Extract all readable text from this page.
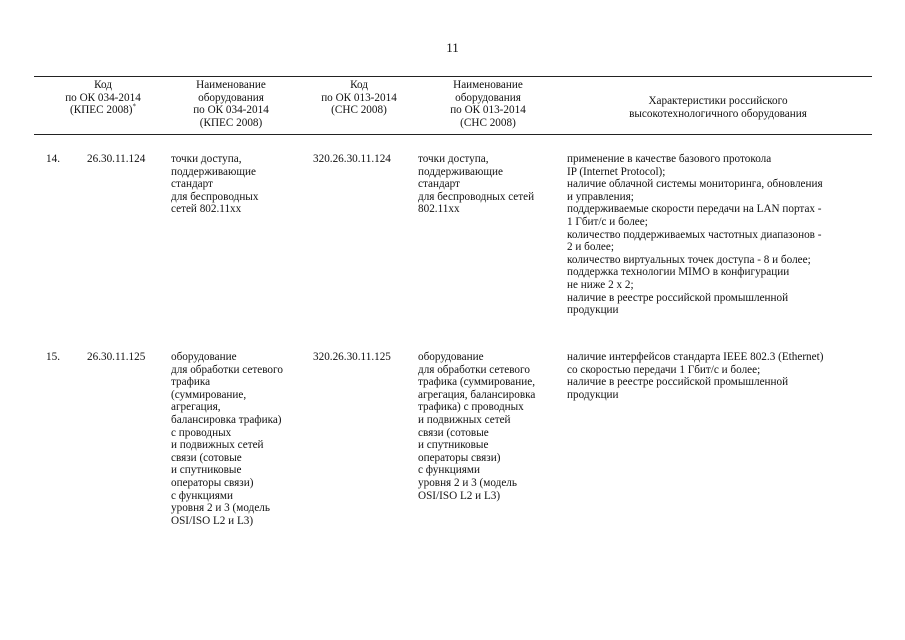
11
Код
по ОК 034-2014
(КПЕС 2008)*
Наименование
оборудования
по ОК 034-2014
(КПЕС 2008)
Код
по ОК 013-2014
(СНС 2008)
Наименование
оборудования
по ОК 013-2014
(СНС 2008)
Характеристики российского
высокотехнологичного оборудования
14. 26.30.11.124 точки доступа,
поддерживающие
стандарт
для беспроводных
сетей 802.11хх
320.26.30.11.124 точки доступа,
поддерживающие
стандарт
для беспроводных сетей
802.11хх
применение в качестве базового протокола
IP (Internet Protocol);
наличие облачной системы мониторинга, обновления
и управления;
поддерживаемые скорости передачи на LAN портах -
1 Гбит/с и более;
количество поддерживаемых частотных диапазонов -
2 и более;
количество виртуальных точек доступа - 8 и более;
поддержка технологии MIMO в конфигурации
не ниже 2 х 2;
наличие в реестре российской промышленной
продукции
15. 26.30.11.125 оборудование
для обработки сетевого
трафика
(суммирование,
агрегация,
балансировка трафика)
с проводных
и подвижных сетей
связи (сотовые
и спутниковые
операторы связи)
с функциями
уровня 2 и 3 (модель
OSI/ISO L2 и L3)
320.26.30.11.125 оборудование
для обработки сетевого
трафика (суммирование,
агрегация, балансировка
трафика) с проводных
и подвижных сетей
связи (сотовые
и спутниковые
операторы связи)
с функциями
уровня 2 и 3 (модель
OSI/ISO L2 и L3)
наличие интерфейсов стандарта IEEE 802.3 (Ethernet)
со скоростью передачи 1 Гбит/с и более;
наличие в реестре российской промышленной
продукции
